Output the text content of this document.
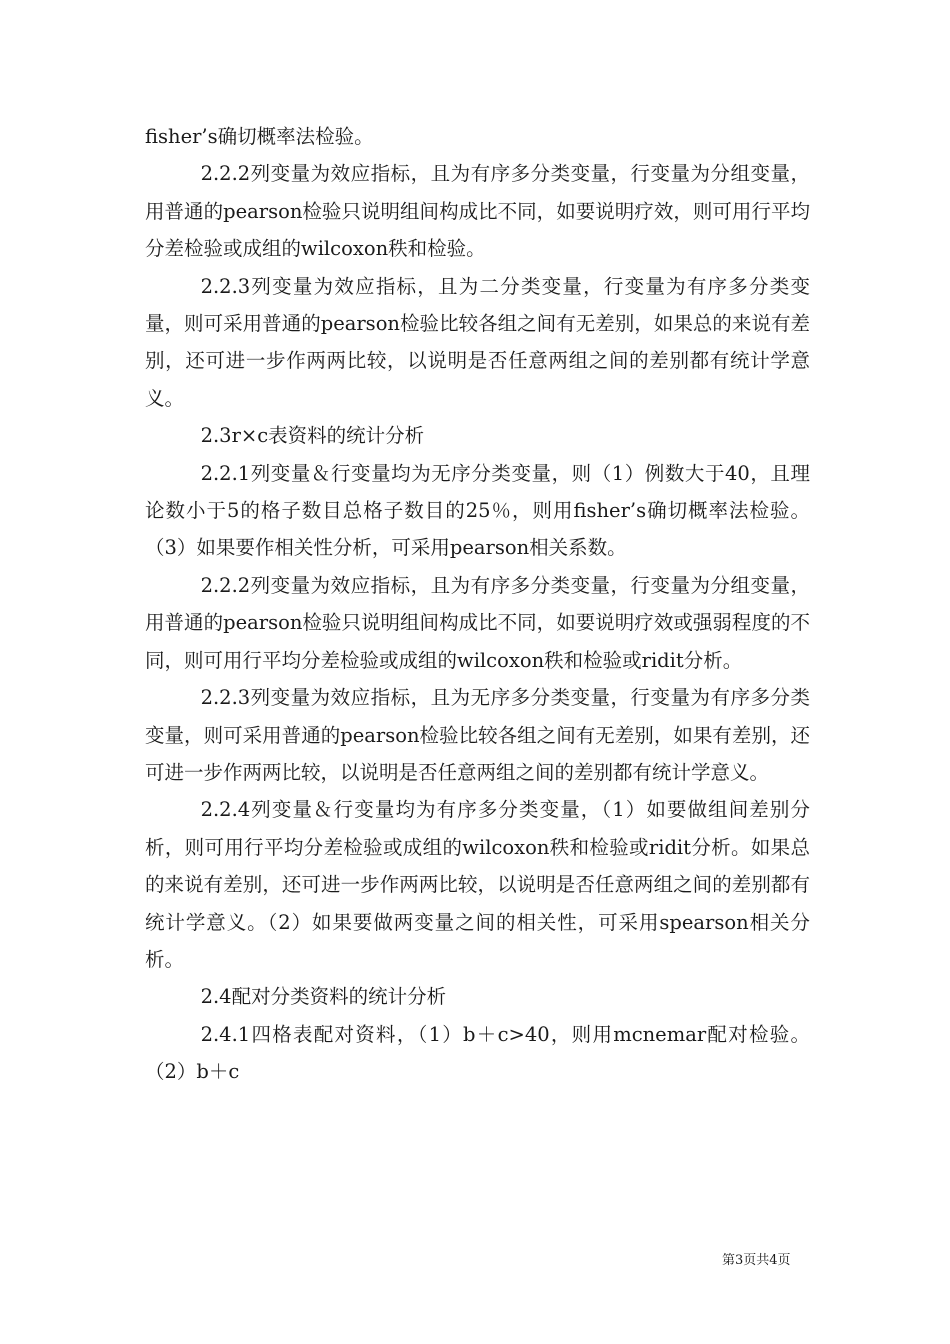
fisher’s确切概率法检验。

2.2.2列变量为效应指标，且为有序多分类变量，行变量为分组变量，用普通的pearson检验只说明组间构成比不同，如要说明疗效，则可用行平均分差检验或成组的wilcoxon秩和检验。

2.2.3列变量为效应指标，且为二分类变量，行变量为有序多分类变量，则可采用普通的pearson检验比较各组之间有无差别，如果总的来说有差别，还可进一步作两两比较，以说明是否任意两组之间的差别都有统计学意义。

2.3r×c表资料的统计分析

2.2.1列变量＆行变量均为无序分类变量，则（1）例数大于40，且理论数小于5的格子数目总格子数目的25％，则用fisher’s确切概率法检验。（3）如果要作相关性分析，可采用pearson相关系数。

2.2.2列变量为效应指标，且为有序多分类变量，行变量为分组变量，用普通的pearson检验只说明组间构成比不同，如要说明疗效或强弱程度的不同，则可用行平均分差检验或成组的wilcoxon秩和检验或ridit分析。

2.2.3列变量为效应指标，且为无序多分类变量，行变量为有序多分类变量，则可采用普通的pearson检验比较各组之间有无差别，如果有差别，还可进一步作两两比较，以说明是否任意两组之间的差别都有统计学意义。

2.2.4列变量＆行变量均为有序多分类变量，（1）如要做组间差别分析，则可用行平均分差检验或成组的wilcoxon秩和检验或ridit分析。如果总的来说有差别，还可进一步作两两比较，以说明是否任意两组之间的差别都有统计学意义。（2）如果要做两变量之间的相关性，可采用spearson相关分析。

2.4配对分类资料的统计分析

2.4.1四格表配对资料，（1）b＋c>40，则用mcnemar配对检验。（2）b＋c

第3页共4页
